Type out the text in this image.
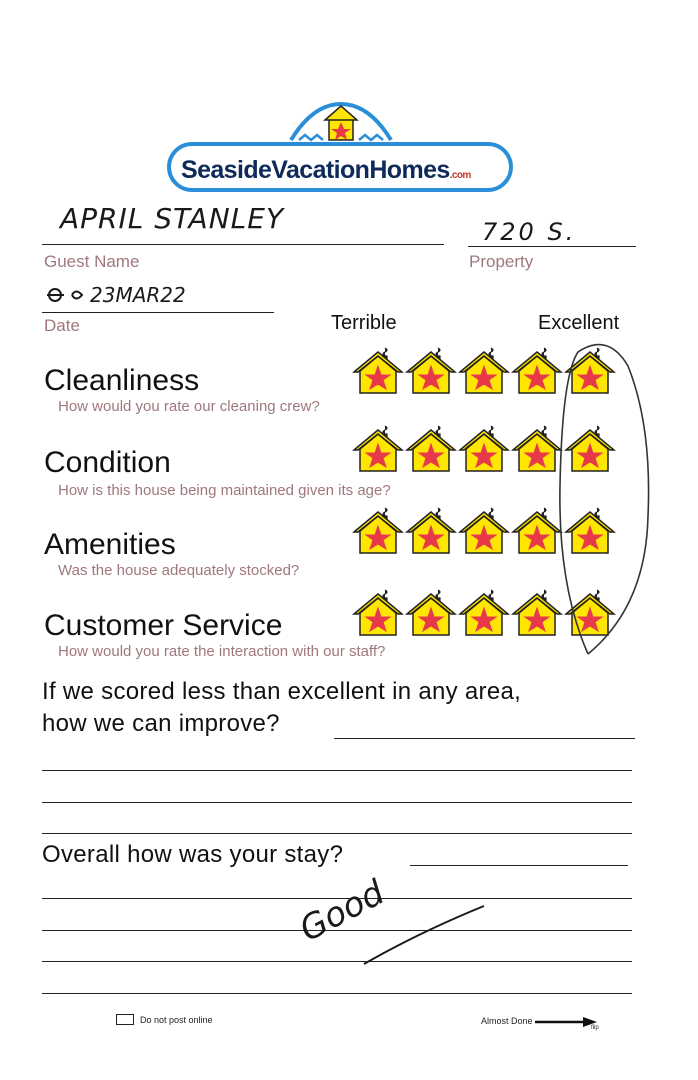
SeasideVacationHomes.com
APRIL STANLEY
Guest Name
720 S.
Property
23MAR22
Date	Terrible	Excellent
Cleanliness
How would you rate our cleaning crew?
Condition
How is this house being maintained given its age?
Amenities
Was the house adequately stocked?
Customer Service
How would you rate the interaction with our staff?
If we scored less than excellent in any area,
how we can improve?
Overall how was your stay?
Good
Do not post online	Almost Done
flip
